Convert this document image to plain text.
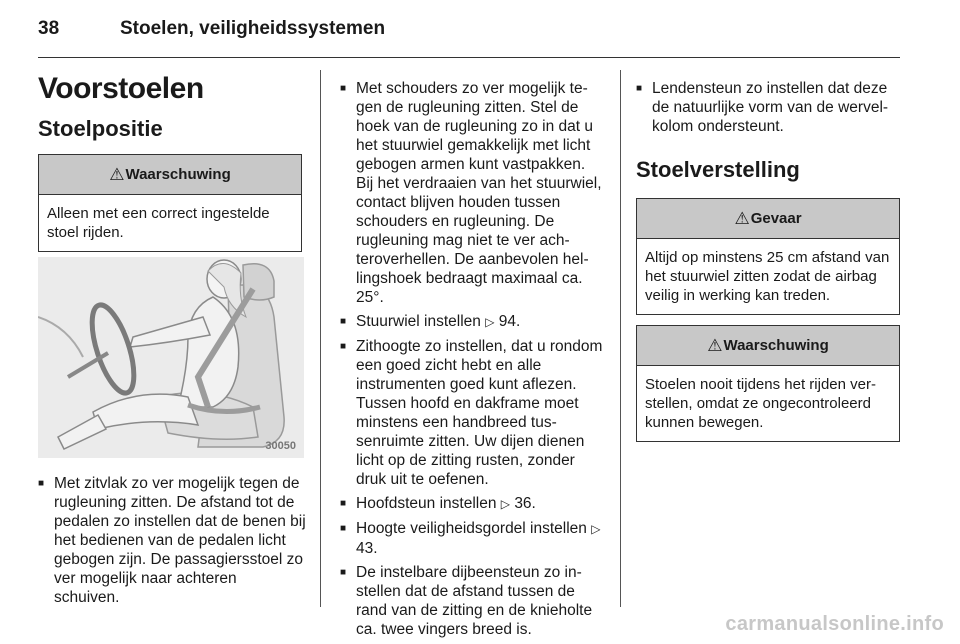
38	Stoelen, veiligheidssystemen
Voorstoelen
Stoelpositie
⚠ Waarschuwing
Alleen met een correct ingestelde stoel rijden.
30050
■ Met zitvlak zo ver mogelijk tegen de rugleuning zitten. De afstand tot de pedalen zo instellen dat de benen bij het bedienen van de pedalen licht gebogen zijn. De passagiersstoel zo ver mogelijk naar achteren schuiven.
■ Met schouders zo ver mogelijk tegen de rugleuning zitten. Stel de hoek van de rugleuning zo in dat u het stuurwiel gemakkelijk met licht gebogen armen kunt vastpakken. Bij het verdraaien van het stuurwiel, contact blijven houden tussen schouders en rugleuning. De rugleuning mag niet te ver achteroverhellen. De aanbevolen hellingshoek bedraagt maximaal ca. 25°.
■ Stuurwiel instellen ▷ 94.
■ Zithoogte zo instellen, dat u rondom een goed zicht hebt en alle instrumenten goed kunt aflezen. Tussen hoofd en dakframe moet minstens een handbreed tussenruimte zitten. Uw dijen dienen licht op de zitting rusten, zonder druk uit te oefenen.
■ Hoofdsteun instellen ▷ 36.
■ Hoogte veiligheidsgordel instellen ▷ 43.
■ De instelbare dijbeensteun zo instellen dat de afstand tussen de rand van de zitting en de knieholte ca. twee vingers breed is.
■ Lendensteun zo instellen dat deze de natuurlijke vorm van de wervelkolom ondersteunt.
Stoelverstelling
⚠ Gevaar
Altijd op minstens 25 cm afstand van het stuurwiel zitten zodat de airbag veilig in werking kan treden.
⚠ Waarschuwing
Stoelen nooit tijdens het rijden verstellen, omdat ze ongecontroleerd kunnen bewegen.
carmanualsonline.info
